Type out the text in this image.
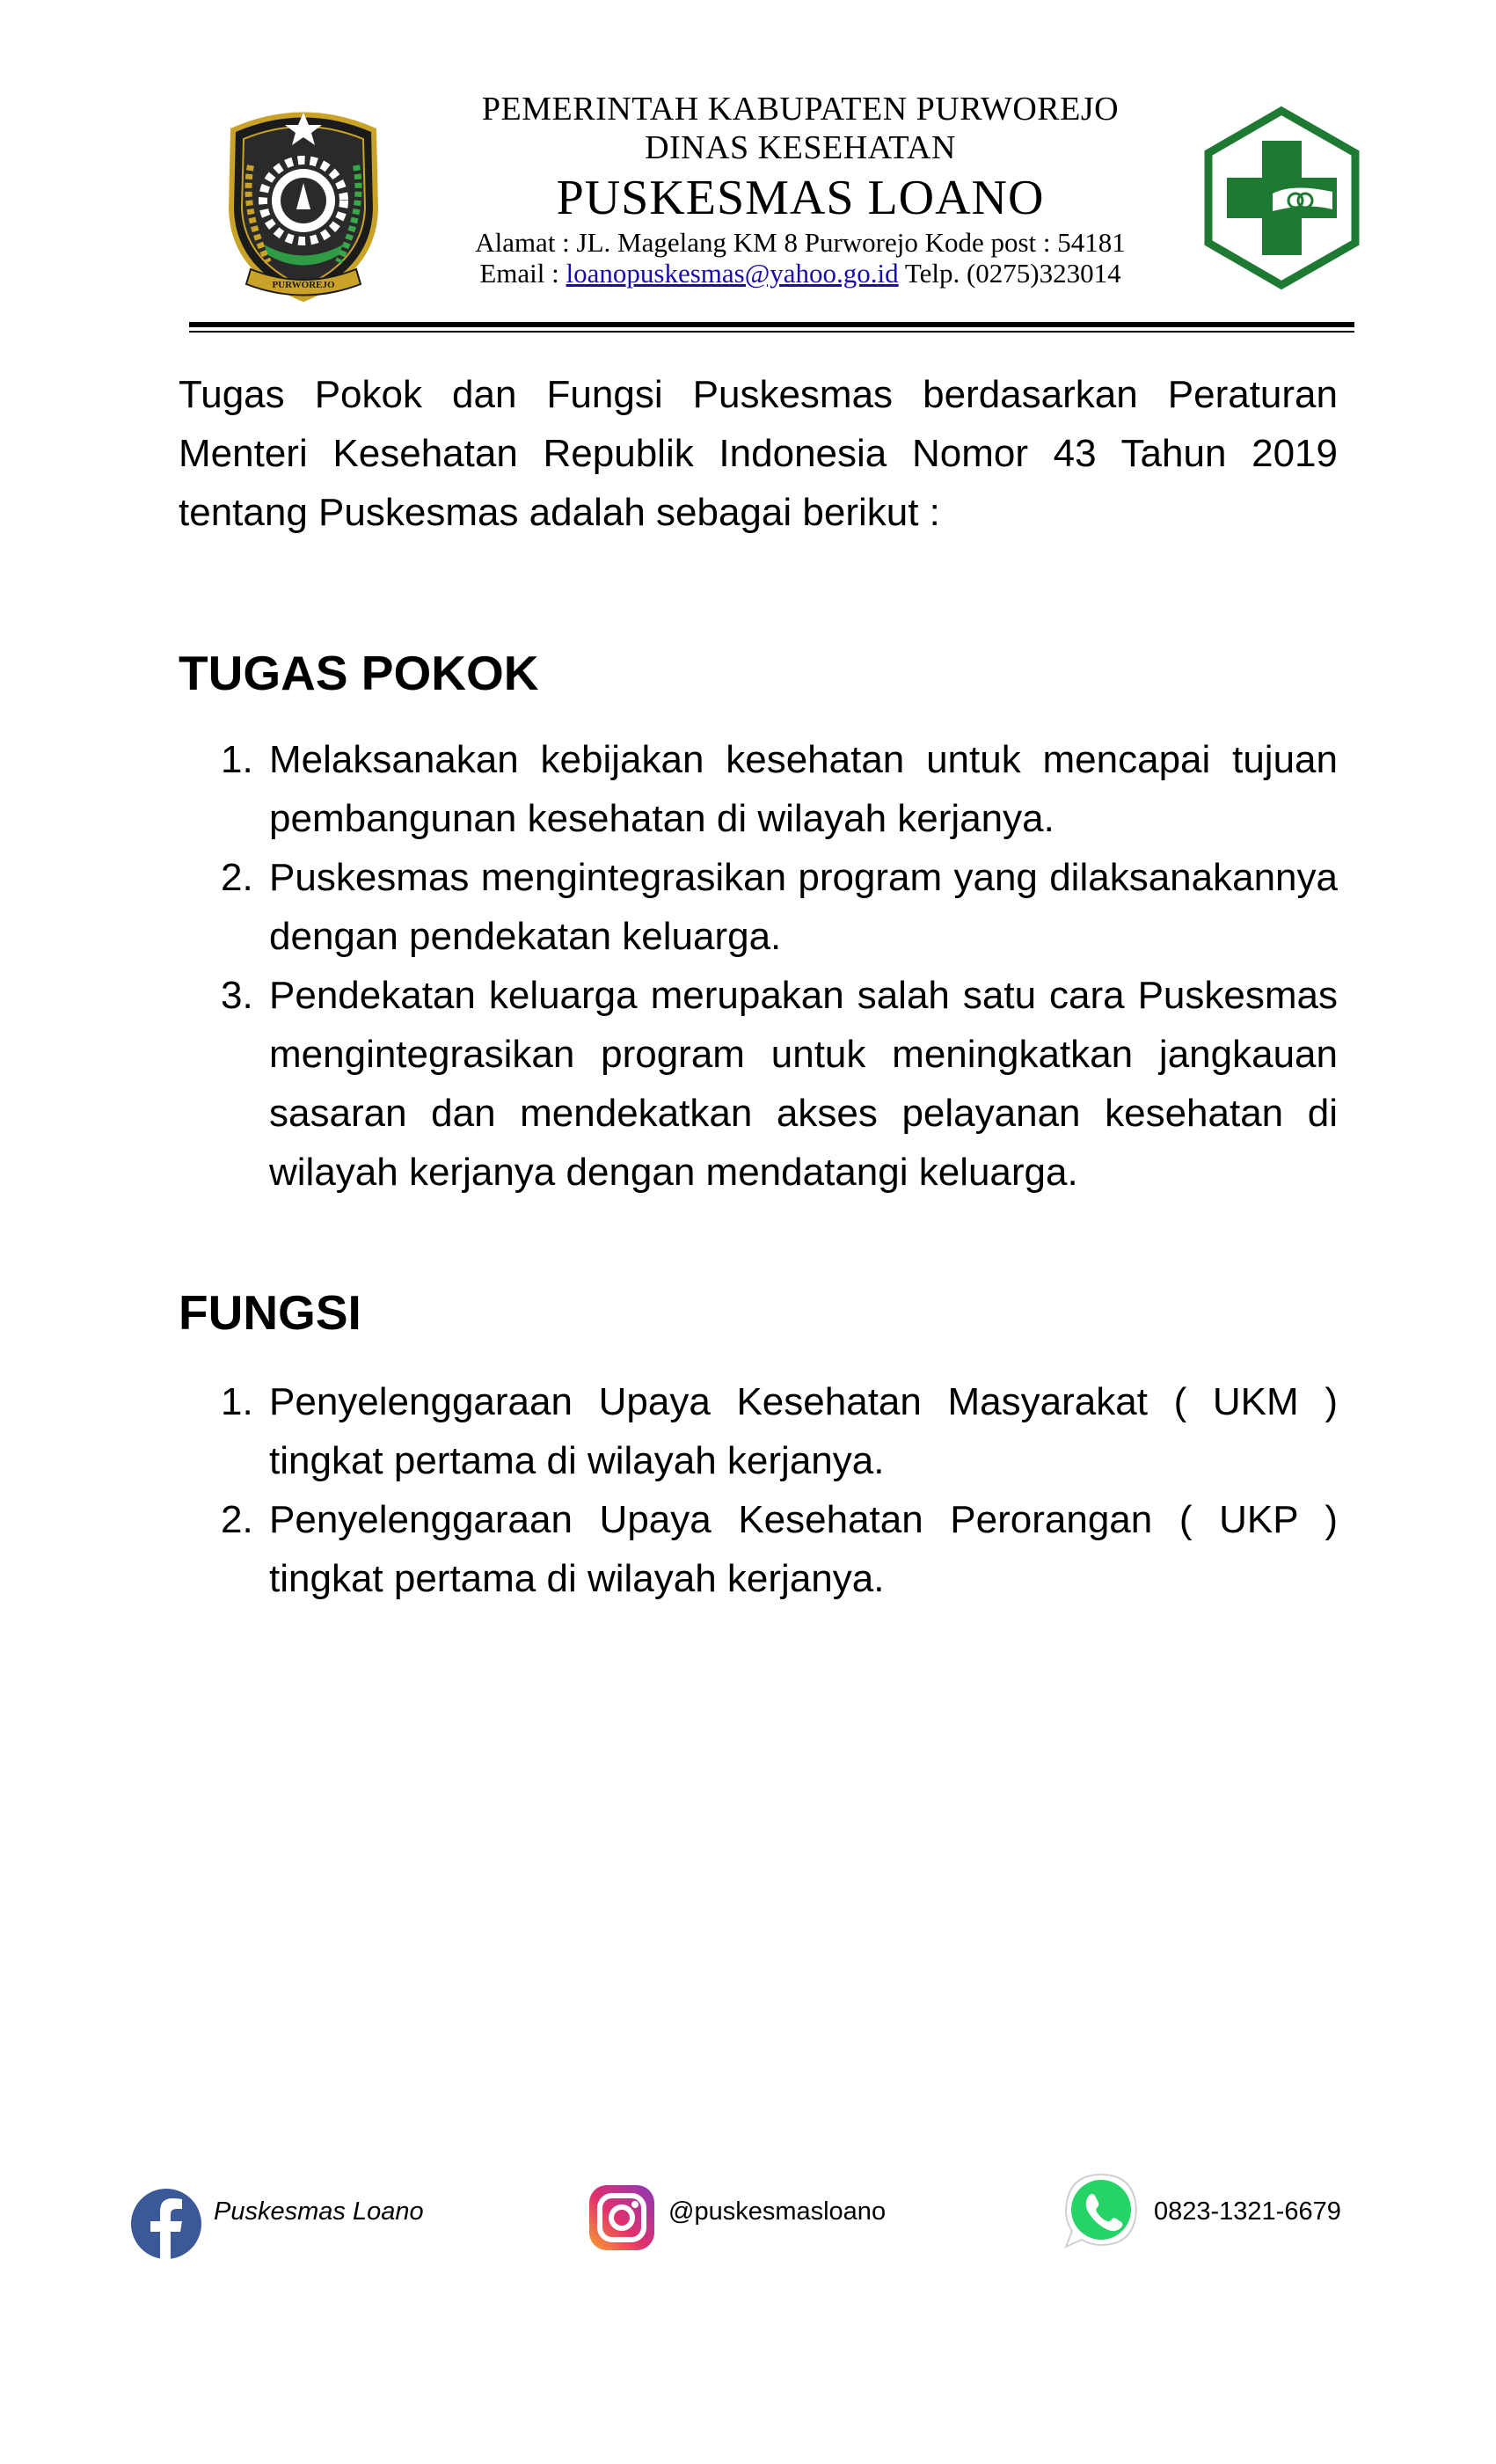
PURWOREJO
PEMERINTAH KABUPATEN PURWOREJO
DINAS KESEHATAN
PUSKESMAS LOANO
Alamat : JL. Magelang KM 8 Purworejo Kode post : 54181
Email : loanopuskesmas@yahoo.go.id Telp. (0275)323014

Tugas Pokok dan Fungsi Puskesmas berdasarkan Peraturan Menteri Kesehatan Republik Indonesia Nomor 43 Tahun 2019 tentang Puskesmas adalah sebagai berikut :

TUGAS POKOK
1. Melaksanakan kebijakan kesehatan untuk mencapai tujuan pembangunan kesehatan di wilayah kerjanya.
2. Puskesmas mengintegrasikan program yang dilaksanakannya dengan pendekatan keluarga.
3. Pendekatan keluarga merupakan salah satu cara Puskesmas mengintegrasikan program untuk meningkatkan jangkauan sasaran dan mendekatkan akses pelayanan kesehatan di wilayah kerjanya dengan mendatangi keluarga.
FUNGSI
1. Penyelenggaraan Upaya Kesehatan Masyarakat ( UKM ) tingkat pertama di wilayah kerjanya.
2. Penyelenggaraan Upaya Kesehatan Perorangan ( UKP ) tingkat pertama di wilayah kerjanya.
Puskesmas Loano	@puskesmasloano	0823-1321-6679
